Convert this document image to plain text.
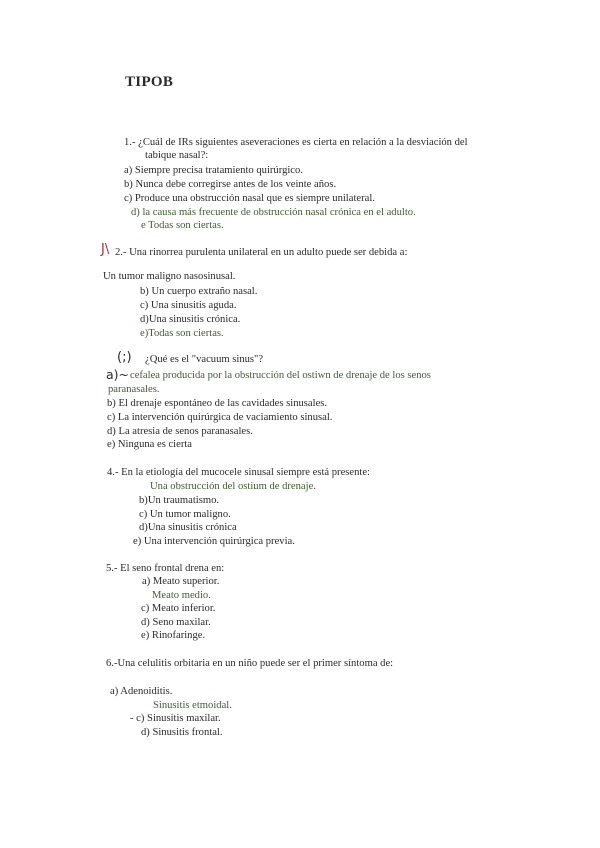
TIPOB
1.- ¿Cuál de IRs siguientes aseveraciones es cierta en relación a la desviación del
tabique nasal?:
a) Siempre precisa tratamiento quirúrgico.
b) Nunca debe corregirse antes de los veinte años.
c) Produce una obstrucción nasal que es siempre unilateral.
d) la causa más frecuente de obstrucción nasal crónica en el adulto.
e Todas son ciertas.
J\ 2.- Una rinorrea purulenta unilateral en un adulto puede ser debida a:
Un tumor maligno nasosinusal.
b) Un cuerpo extraño nasal.
c) Una sinusitis aguda.
d)Una sinusitis crónica.
e)Todas son ciertas.
(;) ¿Qué es el "vacuum sinus"?
a)~ cefalea producida por la obstrucción del ostiwn de drenaje de los senos
paranasales.
b) El drenaje espontáneo de las cavidades sinusales.
c) La intervención quirúrgica de vaciamiento sinusal.
d) La atresia de senos paranasales.
e) Ninguna es cierta
4.- En la etiología del mucocele sinusal siempre está presente:
Una obstrucción del ostium de drenaje.
b)Un traumatismo.
c) Un tumor maligno.
d)Una sinusitis crónica
e) Una intervención quirúrgica previa.
5.- El seno frontal drena en:
a) Meato superior.
Meato medio.
c) Meato inferior.
d) Seno maxilar.
e) Rinofaringe.
6.-Una celulitis orbitaria en un niño puede ser el primer síntoma de:
a) Adenoiditis.
Sinusitis etmoidal.
- c) Sinusitis maxilar.
d) Sinusitis frontal.
